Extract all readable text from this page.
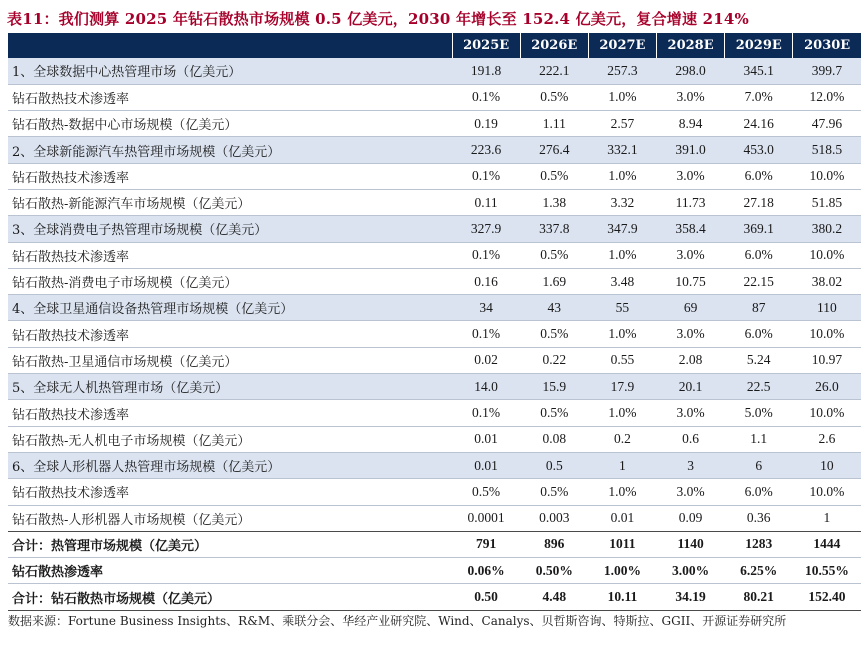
表11：我们测算 2025 年钻石散热市场规模 0.5 亿美元，2030 年增长至 152.4 亿美元，复合增速 214%
	2025E	2026E	2027E	2028E	2029E	2030E
1、全球数据中心热管理市场（亿美元）	191.8	222.1	257.3	298.0	345.1	399.7
钻石散热技术渗透率	0.1%	0.5%	1.0%	3.0%	7.0%	12.0%
钻石散热-数据中心市场规模（亿美元）	0.19	1.11	2.57	8.94	24.16	47.96
2、全球新能源汽车热管理市场规模（亿美元）	223.6	276.4	332.1	391.0	453.0	518.5
钻石散热技术渗透率	0.1%	0.5%	1.0%	3.0%	6.0%	10.0%
钻石散热-新能源汽车市场规模（亿美元）	0.11	1.38	3.32	11.73	27.18	51.85
3、全球消费电子热管理市场规模（亿美元）	327.9	337.8	347.9	358.4	369.1	380.2
钻石散热技术渗透率	0.1%	0.5%	1.0%	3.0%	6.0%	10.0%
钻石散热-消费电子市场规模（亿美元）	0.16	1.69	3.48	10.75	22.15	38.02
4、全球卫星通信设备热管理市场规模（亿美元）	34	43	55	69	87	110
钻石散热技术渗透率	0.1%	0.5%	1.0%	3.0%	6.0%	10.0%
钻石散热-卫星通信市场规模（亿美元）	0.02	0.22	0.55	2.08	5.24	10.97
5、全球无人机热管理市场（亿美元）	14.0	15.9	17.9	20.1	22.5	26.0
钻石散热技术渗透率	0.1%	0.5%	1.0%	3.0%	5.0%	10.0%
钻石散热-无人机电子市场规模（亿美元）	0.01	0.08	0.2	0.6	1.1	2.6
6、全球人形机器人热管理市场规模（亿美元）	0.01	0.5	1	3	6	10
钻石散热技术渗透率	0.5%	0.5%	1.0%	3.0%	6.0%	10.0%
钻石散热-人形机器人市场规模（亿美元）	0.0001	0.003	0.01	0.09	0.36	1
合计：热管理市场规模（亿美元）	791	896	1011	1140	1283	1444
钻石散热渗透率	0.06%	0.50%	1.00%	3.00%	6.25%	10.55%
合计：钻石散热市场规模（亿美元）	0.50	4.48	10.11	34.19	80.21	152.40
数据来源：Fortune Business Insights、R&M、乘联分会、华经产业研究院、Wind、Canalys、贝哲斯咨询、特斯拉、GGII、开源证券研究所
